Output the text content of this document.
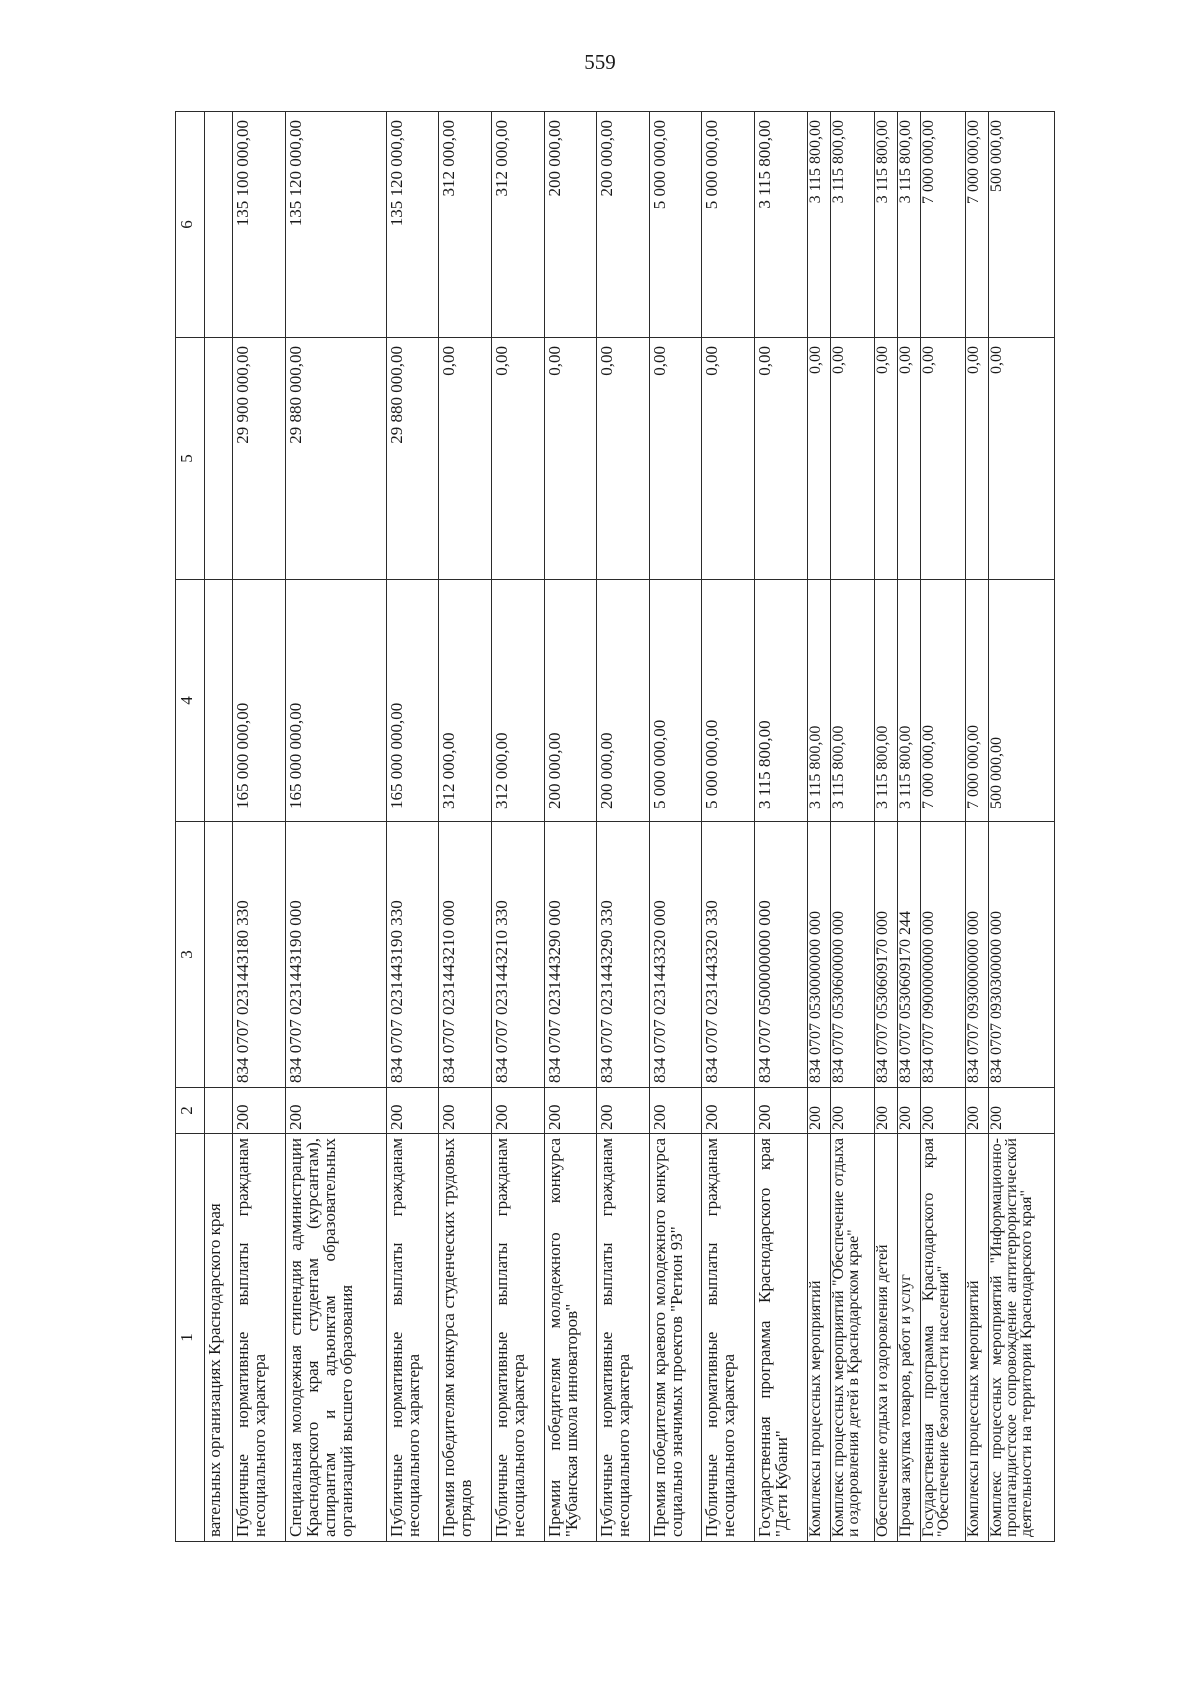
559
1	2	3	4	5	6
вательных организациях Краснодарского края					
Публичные нормативные выплаты гражданам несоциального характера	200	834 0707 0231443180 330	165 000 000,00	29 900 000,00	135 100 000,00
Специальная молодежная стипендия администрации Краснодарского края студентам (курсантам), аспирантам и адъюнктам образовательных организаций высшего образования	200	834 0707 0231443190 000	165 000 000,00	29 880 000,00	135 120 000,00
Публичные нормативные выплаты гражданам несоциального характера	200	834 0707 0231443190 330	165 000 000,00	29 880 000,00	135 120 000,00
Премия победителям конкурса студенческих трудовых отрядов	200	834 0707 0231443210 000	312 000,00	0,00	312 000,00
Публичные нормативные выплаты гражданам несоциального характера	200	834 0707 0231443210 330	312 000,00	0,00	312 000,00
Премии победителям молодежного конкурса "Кубанская школа инноваторов"	200	834 0707 0231443290 000	200 000,00	0,00	200 000,00
Публичные нормативные выплаты гражданам несоциального характера	200	834 0707 0231443290 330	200 000,00	0,00	200 000,00
Премия победителям краевого молодежного конкурса социально значимых проектов "Регион 93"	200	834 0707 0231443320 000	5 000 000,00	0,00	5 000 000,00
Публичные нормативные выплаты гражданам несоциального характера	200	834 0707 0231443320 330	5 000 000,00	0,00	5 000 000,00
Государственная программа Краснодарского края "Дети Кубани"	200	834 0707 0500000000 000	3 115 800,00	0,00	3 115 800,00
Комплексы процессных мероприятий	200	834 0707 0530000000 000	3 115 800,00	0,00	3 115 800,00
Комплекс процессных мероприятий "Обеспечение отдыха и оздоровления детей в Краснодарском крае"	200	834 0707 0530600000 000	3 115 800,00	0,00	3 115 800,00
Обеспечение отдыха и оздоровления детей	200	834 0707 0530609170 000	3 115 800,00	0,00	3 115 800,00
Прочая закупка товаров, работ и услуг	200	834 0707 0530609170 244	3 115 800,00	0,00	3 115 800,00
Государственная программа Краснодарского края "Обеспечение безопасности населения"	200	834 0707 0900000000 000	7 000 000,00	0,00	7 000 000,00
Комплексы процессных мероприятий	200	834 0707 0930000000 000	7 000 000,00	0,00	7 000 000,00
Комплекс процессных мероприятий "Информационно-пропагандистское сопровождение антитеррористической деятельности на территории Краснодарского края"	200	834 0707 0930300000 000	500 000,00	0,00	500 000,00
